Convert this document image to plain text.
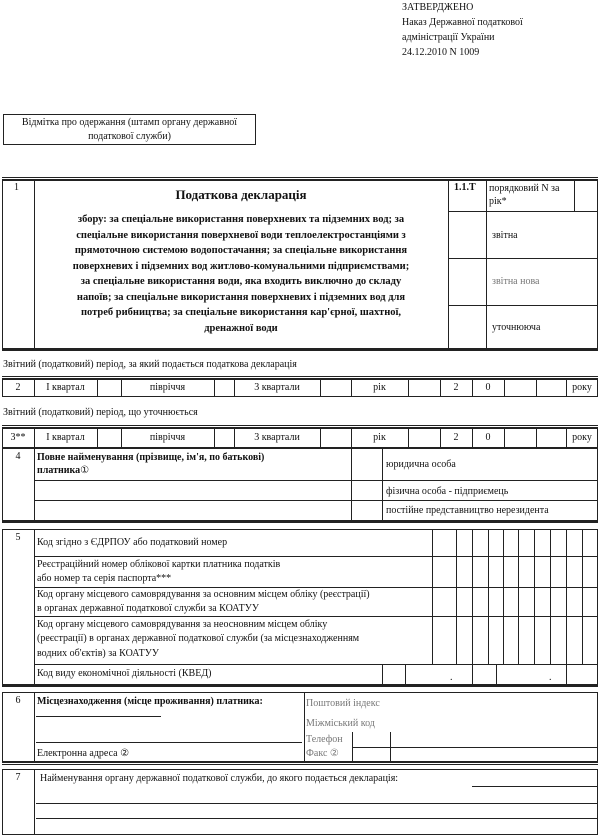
ЗАТВЕРДЖЕНО
Наказ Державної податкової
адміністрації України
24.12.2010 N 1009
Відмітка про одержання (штамп органу державної
податкової служби)
1	Податкова декларація
збору: за спеціальне використання поверхневих та підземних вод; за
спеціальне використання поверхневої води теплоелектростанціями з
прямоточною системою водопостачання; за спеціальне використання
поверхневих і підземних вод житлово-комунальними підприємствами;
за спеціальне використання води, яка входить виключно до складу
напоїв; за спеціальне використання поверхневих і підземних вод для
потреб рибництва; за спеціальне використання кар'єрної, шахтної,
дренажної води
1.1.Т порядковий N за рік*
звітна
звітна нова
уточнююча
Звітний (податковий) період, за який подається податкова декларація
2	І квартал	півріччя	3 квартали	рік	2	0	року
Звітний (податковий) період, що уточнюється
3**	І квартал	півріччя	3 квартали	рік	2	0	року
4	Повне найменування (прізвище, ім'я, по батькові)
платника①
юридична особа
фізична особа - підприємець
постійне представництво нерезидента
5	Код згідно з ЄДРПОУ або податковий номер
Реєстраційний номер облікової картки платника податків
або номер та серія паспорта***
Код органу місцевого самоврядування за основним місцем обліку (реєстрації)
в органах державної податкової служби за КОАТУУ
Код органу місцевого самоврядування за неосновним місцем обліку
(реєстрації) в органах державної податкової служби (за місцезнаходженням
водних об'єктів) за КОАТУУ
Код виду економічної діяльності (КВЕД)	.	.
6	Місцезнаходження (місце проживання) платника:	Поштовий індекс
Міжміський код
Телефон
Факс ②
Електронна адреса ②
7	Найменування органу державної податкової служби, до якого подається декларація:
